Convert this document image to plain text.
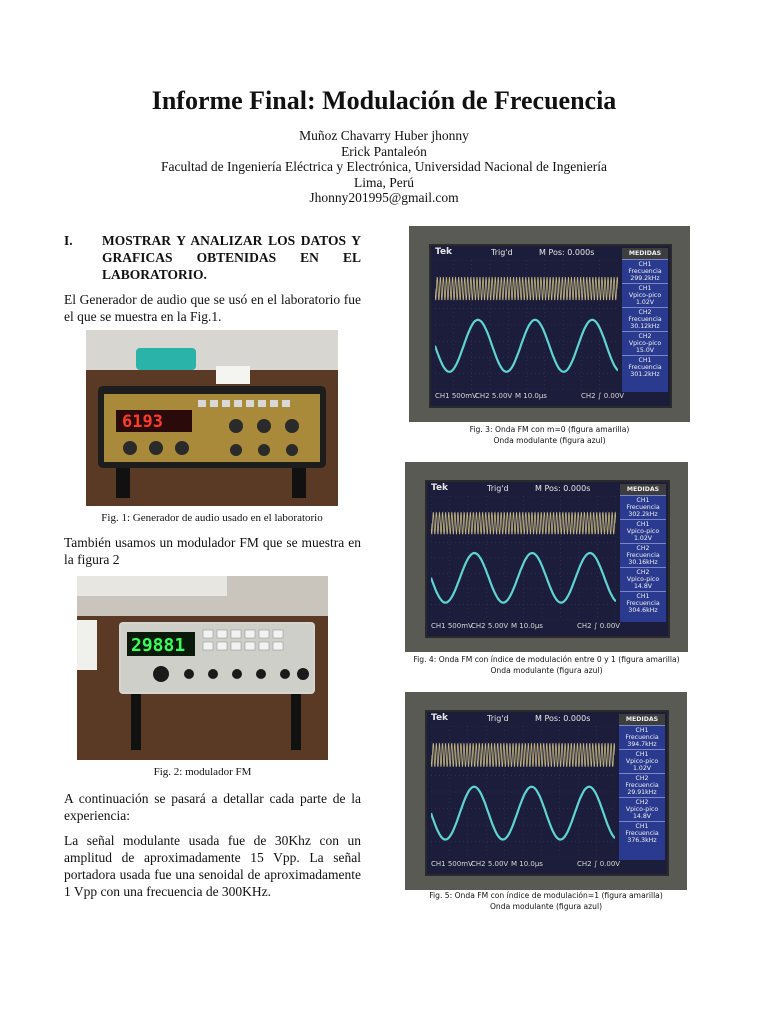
Informe Final: Modulación de Frecuencia
Muñoz Chavarry Huber jhonny
Erick Pantaleón
Facultad de Ingeniería Eléctrica y Electrónica, Universidad Nacional de Ingeniería
Lima, Perú
Jhonny201995@gmail.com
I.	MOSTRAR Y ANALIZAR LOS DATOS Y GRAFICAS OBTENIDAS EN EL LABORATORIO.

El Generador de audio que se usó en el laboratorio fue el que se muestra en la Fig.1.

6193
Fig. 1: Generador de audio usado en el laboratorio

También usamos un modulador FM que se muestra en la figura 2

29881
Fig. 2: modulador FM

A continuación se pasará a detallar cada parte de la experiencia:

La señal modulante usada fue de 30Khz con un amplitud de aproximadamente 15 Vpp. La señal portadora usada fue una senoidal de aproximadamente 1 Vpp con una frecuencia de 300KHz.

Tek	Trig'd	M Pos: 0.000s	MEDIDAS
CH1
Frecuencia
299.2kHz
CH1
Vpico-pico
1.02V
CH2
Frecuencia
30.12kHz
CH2
Vpico-pico
15.0V
CH1
Frecuencia
301.2kHz
CH1 500mV
CH2 5.00V M 10.0µs	CH2 ∫ 0.00V
Fig. 3: Onda FM con m=0 (figura amarilla)
Onda modulante (figura azul)
Tek	Trig'd	M Pos: 0.000s	MEDIDAS
CH1
Frecuencia
302.2kHz
CH1
Vpico-pico
1.02V
CH2
Frecuencia
30.16kHz
CH2
Vpico-pico
14.8V
CH1
Frecuencia
304.6kHz
CH1 500mV
CH2 5.00V M 10.0µs	CH2 ∫ 0.00V
Fig. 4: Onda FM con índice de modulación entre 0 y 1 (figura amarilla)
Onda modulante (figura azul)
Tek	Trig'd	M Pos: 0.000s	MEDIDAS
CH1
Frecuencia
394.7kHz
CH1
Vpico-pico
1.02V
CH2
Frecuencia
29.91kHz
CH2
Vpico-pico
14.8V
CH1
Frecuencia
376.3kHz
CH1 500mV
CH2 5.00V M 10.0µs	CH2 ∫ 0.00V
Fig. 5: Onda FM con índice de modulación=1 (figura amarilla)
Onda modulante (figura azul)
